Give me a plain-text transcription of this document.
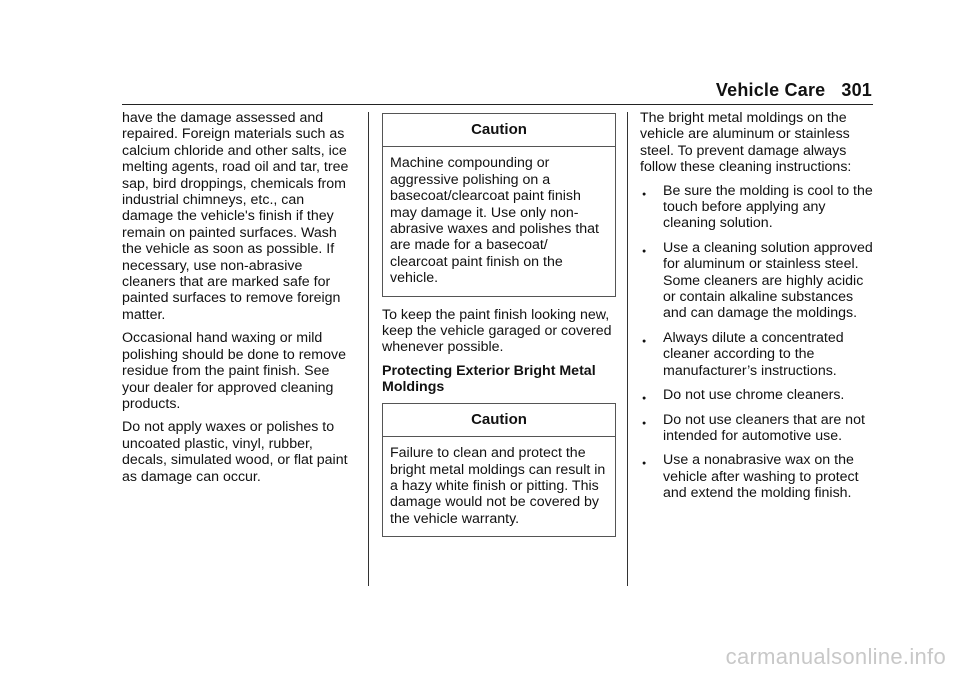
Vehicle Care 301

have the damage assessed and repaired. Foreign materials such as calcium chloride and other salts, ice melting agents, road oil and tar, tree sap, bird droppings, chemicals from industrial chimneys, etc., can damage the vehicle's finish if they remain on painted surfaces. Wash the vehicle as soon as possible. If necessary, use non-abrasive cleaners that are marked safe for painted surfaces to remove foreign matter.

Occasional hand waxing or mild polishing should be done to remove residue from the paint finish. See your dealer for approved cleaning products.

Do not apply waxes or polishes to uncoated plastic, vinyl, rubber, decals, simulated wood, or flat paint as damage can occur.

Caution
Machine compounding or aggressive polishing on a basecoat/clearcoat paint finish may damage it. Use only non-abrasive waxes and polishes that are made for a basecoat/ clearcoat paint finish on the vehicle.

To keep the paint finish looking new, keep the vehicle garaged or covered whenever possible.

Protecting Exterior Bright Metal Moldings

Caution
Failure to clean and protect the bright metal moldings can result in a hazy white finish or pitting. This damage would not be covered by the vehicle warranty.

The bright metal moldings on the vehicle are aluminum or stainless steel. To prevent damage always follow these cleaning instructions:

● Be sure the molding is cool to the touch before applying any cleaning solution.
● Use a cleaning solution approved for aluminum or stainless steel. Some cleaners are highly acidic or contain alkaline substances and can damage the moldings.
● Always dilute a concentrated cleaner according to the manufacturer’s instructions.
● Do not use chrome cleaners.
● Do not use cleaners that are not intended for automotive use.
● Use a nonabrasive wax on the vehicle after washing to protect and extend the molding finish.
carmanualsonline.info
